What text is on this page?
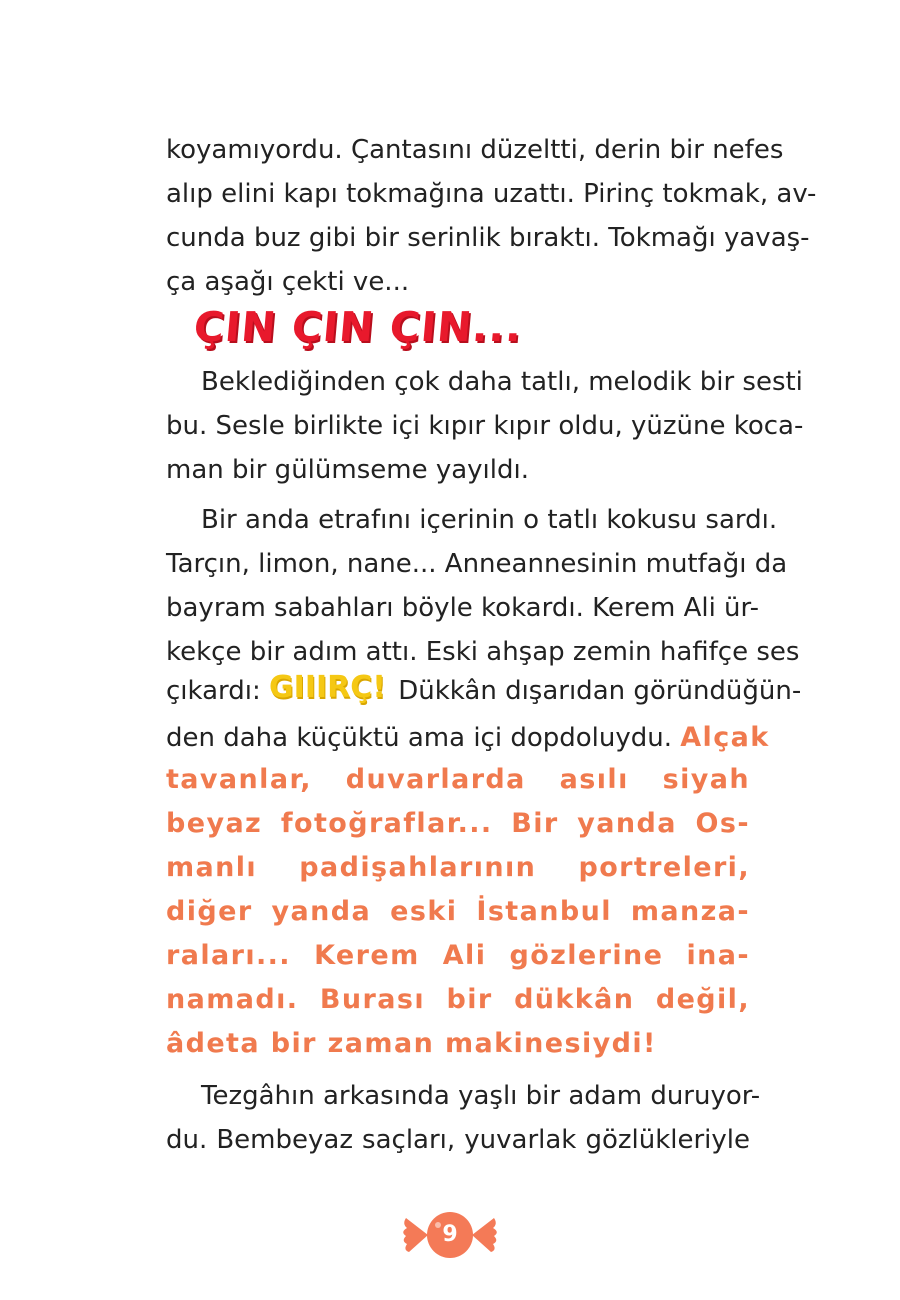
koyamıyordu. Çantasını düzeltti, derin bir nefes
alıp elini kapı tokmağına uzattı. Pirinç tokmak, av-
cunda buz gibi bir serinlik bıraktı. Tokmağı yavaş-
ça aşağı çekti ve...
ÇIN ÇIN ÇIN...
Beklediğinden çok daha tatlı, melodik bir sesti
bu. Sesle birlikte içi kıpır kıpır oldu, yüzüne koca-
man bir gülümseme yayıldı.
Bir anda etrafını içerinin o tatlı kokusu sardı.
Tarçın, limon, nane... Anneannesinin mutfağı da
bayram sabahları böyle kokardı. Kerem Ali ür-
kekçe bir adım attı. Eski ahşap zemin hafifçe ses
çıkardı: GIIIRÇ! Dükkân dışarıdan göründüğün-
den daha küçüktü ama içi dopdoluydu. Alçak
tavanlar, duvarlarda asılı siyah
beyaz fotoğraflar... Bir yanda Os-
manlı padişahlarının portreleri,
diğer yanda eski İstanbul manza-
raları... Kerem Ali gözlerine ina-
namadı. Burası bir dükkân değil,
âdeta bir zaman makinesiydi!
Tezgâhın arkasında yaşlı bir adam duruyor-
du. Bembeyaz saçları, yuvarlak gözlükleriyle
9
